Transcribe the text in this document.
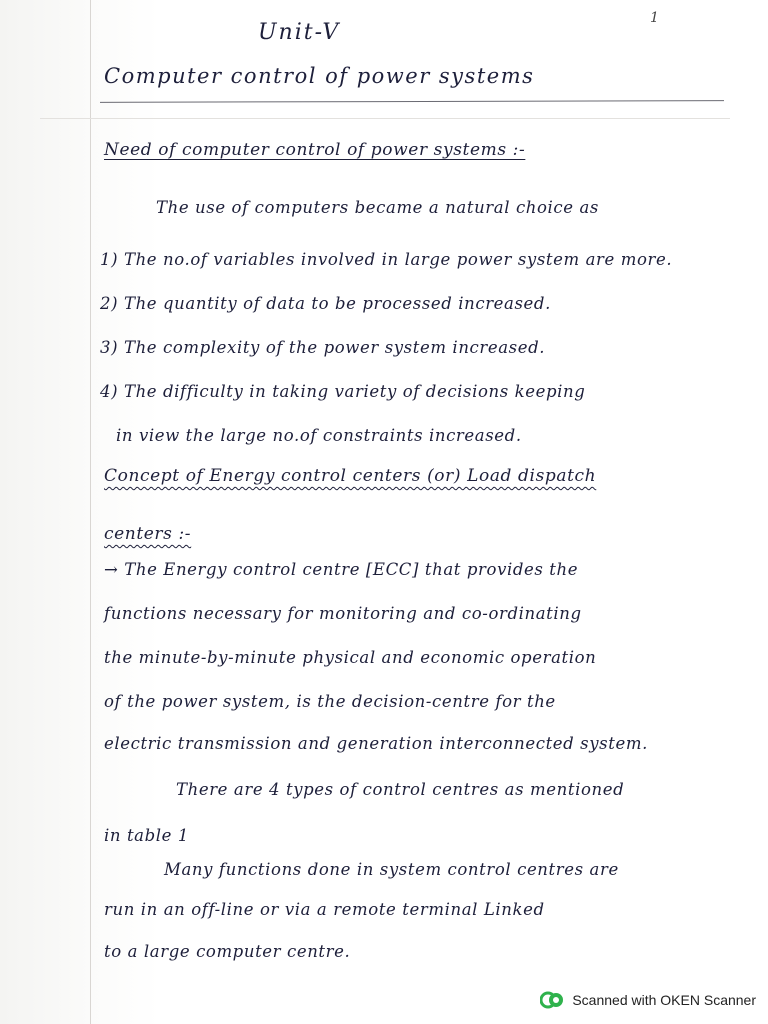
Unit-V
1
Computer control of power systems
Need of computer control of power systems :-
The use of computers became a natural choice as
1) The no.of variables involved in large power system are more.
2) The quantity of data to be processed increased.
3) The complexity of the power system increased.
4) The difficulty in taking variety of decisions keeping
in view the large no.of constraints increased.
Concept of Energy control centers (or) Load dispatch
centers :-
→ The Energy control centre [ECC] that provides the
functions necessary for monitoring and co-ordinating
the minute-by-minute physical and economic operation
of the power system, is the decision-centre for the
electric transmission and generation interconnected system.
There are 4 types of control centres as mentioned
in table 1
Many functions done in system control centres are
run in an off-line or via a remote terminal Linked
to a large computer centre.
Scanned with OKEN Scanner
